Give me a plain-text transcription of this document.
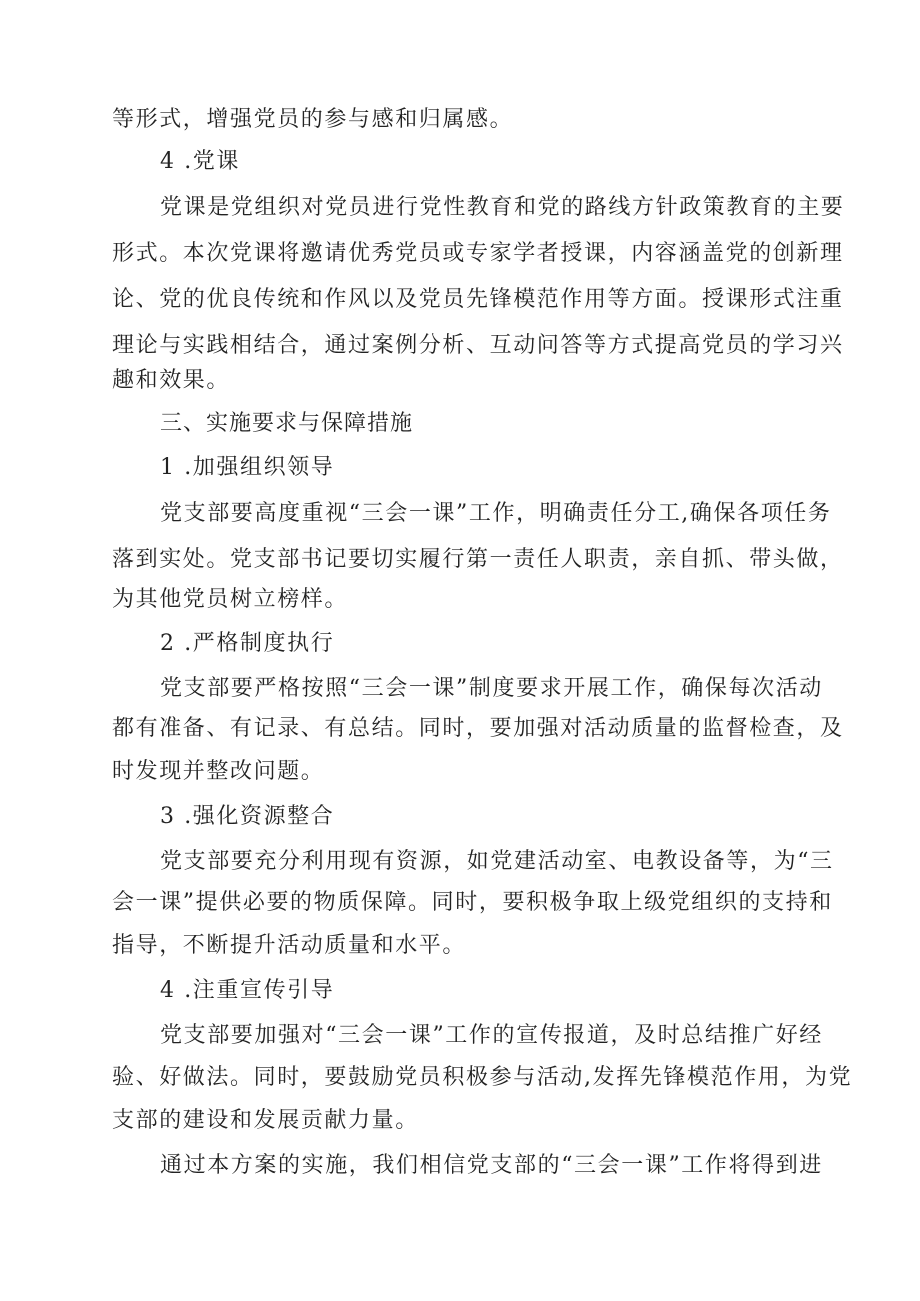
等形式，增强党员的参与感和归属感。
4 .党课
党课是党组织对党员进行党性教育和党的路线方针政策教育的主要
形式。本次党课将邀请优秀党员或专家学者授课，内容涵盖党的创新理
论、党的优良传统和作风以及党员先锋模范作用等方面。授课形式注重
理论与实践相结合，通过案例分析、互动问答等方式提高党员的学习兴
趣和效果。
三、实施要求与保障措施
1 .加强组织领导
党支部要高度重视“三会一课”工作，明确责任分工,确保各项任务
落到实处。党支部书记要切实履行第一责任人职责，亲自抓、带头做，
为其他党员树立榜样。
2 .严格制度执行
党支部要严格按照“三会一课”制度要求开展工作，确保每次活动
都有准备、有记录、有总结。同时，要加强对活动质量的监督检查，及
时发现并整改问题。
3 .强化资源整合
党支部要充分利用现有资源，如党建活动室、电教设备等，为“三
会一课”提供必要的物质保障。同时，要积极争取上级党组织的支持和
指导，不断提升活动质量和水平。
4 .注重宣传引导
党支部要加强对“三会一课”工作的宣传报道，及时总结推广好经
验、好做法。同时，要鼓励党员积极参与活动,发挥先锋模范作用，为党
支部的建设和发展贡献力量。
通过本方案的实施，我们相信党支部的“三会一课”工作将得到进
